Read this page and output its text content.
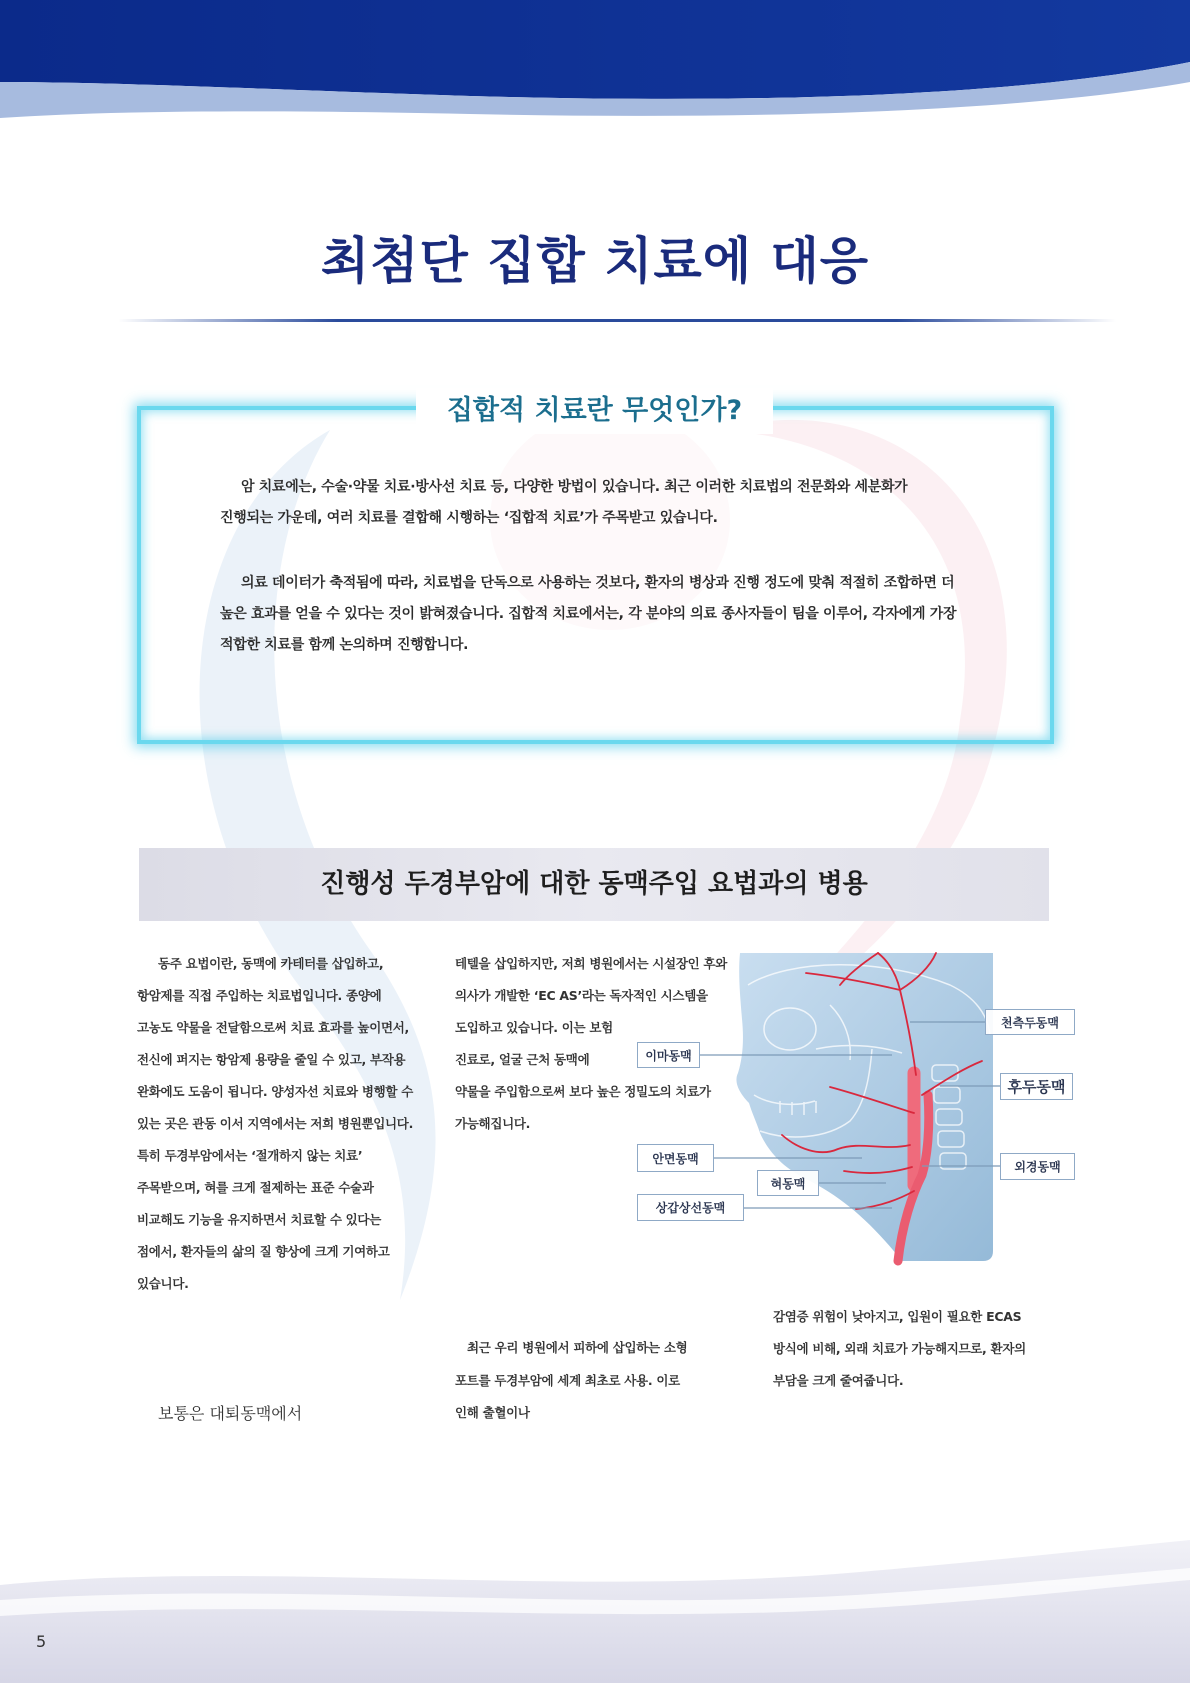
최첨단 집합 치료에 대응
집합적 치료란 무엇인가?
암 치료에는, 수술·약물 치료·방사선 치료 등, 다양한 방법이 있습니다. 최근 이러한 치료법의 전문화와 세분화가
진행되는 가운데, 여러 치료를 결합해 시행하는 ‘집합적 치료’가 주목받고 있습니다.
의료 데이터가 축적됨에 따라, 치료법을 단독으로 사용하는 것보다, 환자의 병상과 진행 정도에 맞춰 적절히 조합하면 더
높은 효과를 얻을 수 있다는 것이 밝혀졌습니다. 집합적 치료에서는, 각 분야의 의료 종사자들이 팀을 이루어, 각자에게 가장
적합한 치료를 함께 논의하며 진행합니다.
진행성 두경부암에 대한 동맥주입 요법과의 병용
동주 요법이란, 동맥에 카테터를 삽입하고,
항암제를 직접 주입하는 치료법입니다. 종양에
고농도 약물을 전달함으로써 치료 효과를 높이면서,
전신에 퍼지는 항암제 용량을 줄일 수 있고, 부작용
완화에도 도움이 됩니다. 양성자선 치료와 병행할 수
있는 곳은 관동 이서 지역에서는 저희 병원뿐입니다.
특히 두경부암에서는 ‘절개하지 않는 치료’
주목받으며, 혀를 크게 절제하는 표준 수술과
비교해도 기능을 유지하면서 치료할 수 있다는
점에서, 환자들의 삶의 질 향상에 크게 기여하고
있습니다.
보통은 대퇴동맥에서
테텔을 삽입하지만, 저희 병원에서는 시설장인 후와
의사가 개발한 ‘EC AS’라는 독자적인 시스템을
도입하고 있습니다. 이는 보험
진료로, 얼굴 근처 동맥에
약물을 주입함으로써 보다 높은 정밀도의 치료가
가능해집니다.
최근 우리 병원에서 피하에 삽입하는 소형
포트를 두경부암에 세계 최초로 사용. 이로
인해 출혈이나
감염증 위험이 낮아지고, 입원이 필요한 ECAS
방식에 비해, 외래 치료가 가능해지므로, 환자의
부담을 크게 줄여줍니다.
천측두동맥
이마동맥
후두동맥
안면동맥
외경동맥
혀동맥
상갑상선동맥
5
